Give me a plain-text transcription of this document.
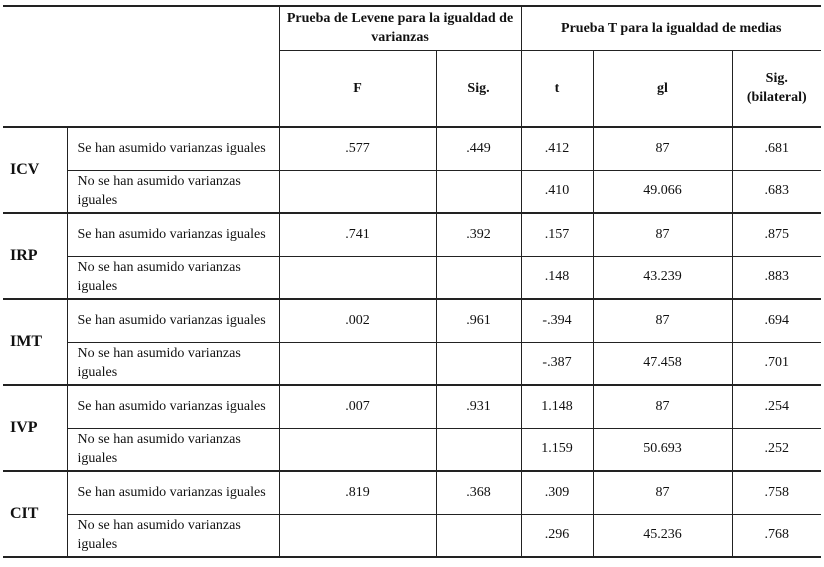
		Prueba de Levene para la igualdad de varianzas		Prueba T para la igualdad de medias		
		F	Sig.	t	gl	Sig. (bilateral)
ICV	Se han asumido varianzas iguales	.577	.449	.412	87	.681
	No se han asumido varianzas iguales			.410	49.066	.683
IRP	Se han asumido varianzas iguales	.741	.392	.157	87	.875
	No se han asumido varianzas iguales			.148	43.239	.883
IMT	Se han asumido varianzas iguales	.002	.961	-.394	87	.694
	No se han asumido varianzas iguales			-.387	47.458	.701
IVP	Se han asumido varianzas iguales	.007	.931	1.148	87	.254
	No se han asumido varianzas iguales			1.159	50.693	.252
CIT	Se han asumido varianzas iguales	.819	.368	.309	87	.758
	No se han asumido varianzas iguales			.296	45.236	.768
